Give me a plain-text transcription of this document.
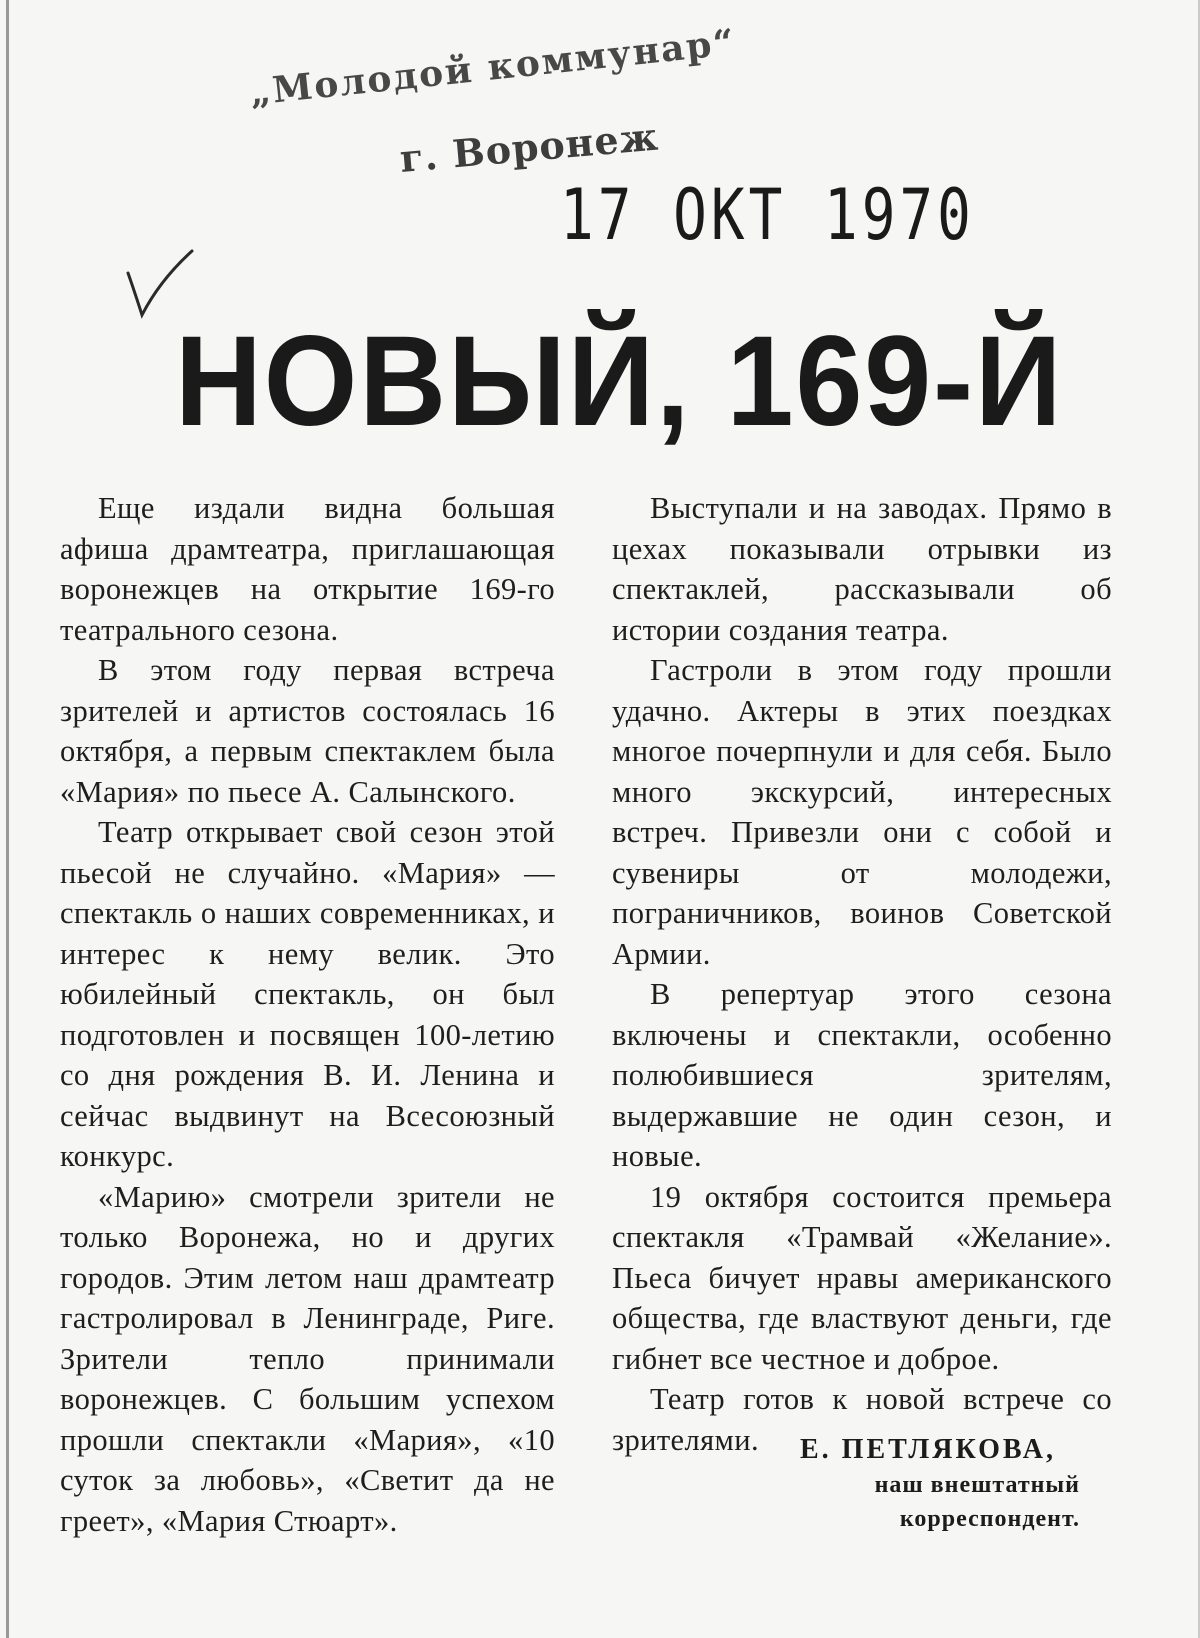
„Молодой коммунар“
г. Воронеж
17 ОКТ 1970
НОВЫЙ, 169-Й

Еще издали видна большая афиша драмтеатра, приглашающая воронежцев на открытие 169-го театрального сезона.

В этом году первая встреча зрителей и артистов состоялась 16 октября, а первым спектаклем была «Мария» по пьесе А. Салынского.

Театр открывает свой сезон этой пьесой не случайно. «Мария» — спектакль о наших современниках, и интерес к нему велик. Это юбилейный спектакль, он был подготовлен и посвящен 100-летию со дня рождения В. И. Ленина и сейчас выдвинут на Всесоюзный конкурс.

«Марию» смотрели зрители не только Воронежа, но и других городов. Этим летом наш драмтеатр гастролировал в Ленинграде, Риге. Зрители тепло принимали воронежцев. С большим успехом прошли спектакли «Мария», «10 суток за любовь», «Светит да не греет», «Мария Стюарт».

Выступали и на заводах. Прямо в цехах показывали отрывки из спектаклей, рассказывали об истории создания театра.

Гастроли в этом году прошли удачно. Актеры в этих поездках многое почерпнули и для себя. Было много экскурсий, интересных встреч. Привезли они с собой и сувениры от молодежи, пограничников, воинов Советской Армии.

В репертуар этого сезона включены и спектакли, особенно полюбившиеся зрителям, выдержавшие не один сезон, и новые.

19 октября состоится премьера спектакля «Трамвай «Желание». Пьеса бичует нравы американского общества, где властвуют деньги, где гибнет все честное и доброе.

Театр готов к новой встрече со зрителями.	Е. ПЕТЛЯКОВА,
наш внештатный
корреспондент.
